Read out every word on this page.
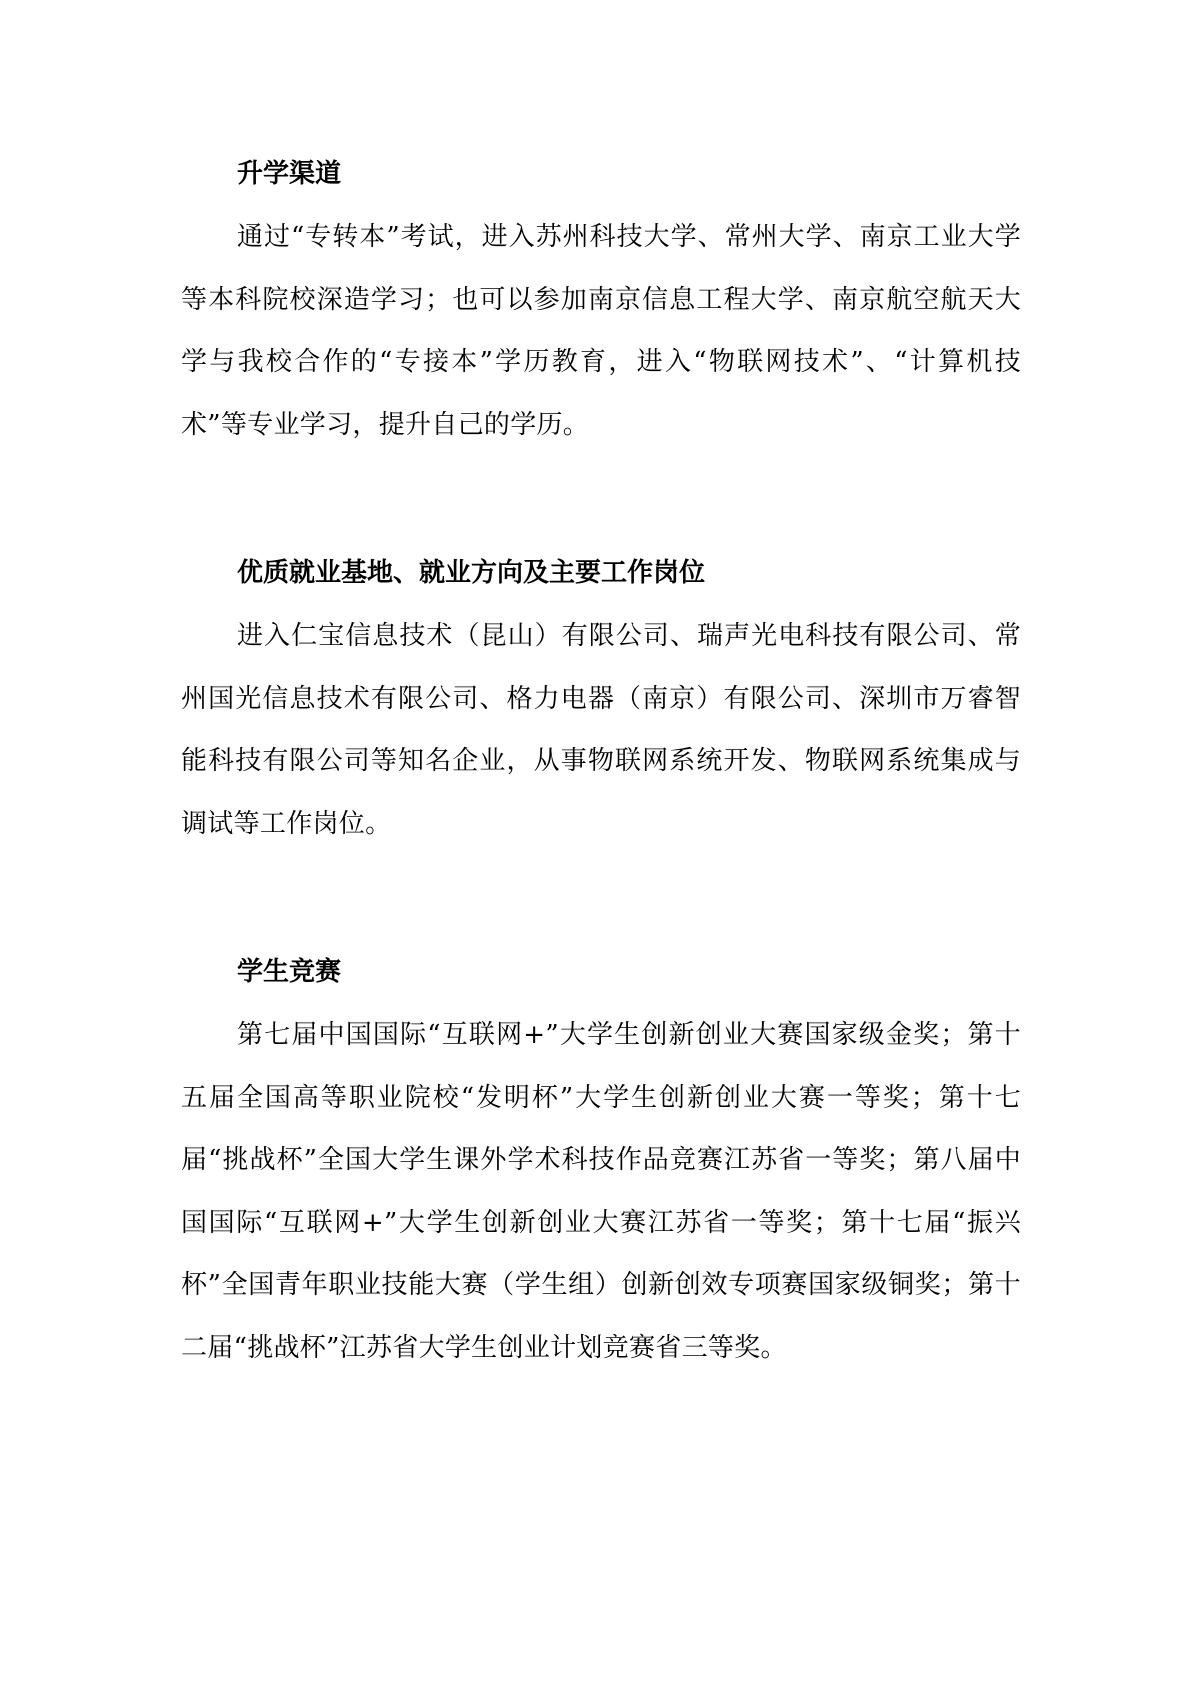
升学渠道

通过“专转本”考试，进入苏州科技大学、常州大学、南京工业大学等本科院校深造学习；也可以参加南京信息工程大学、南京航空航天大学与我校合作的“专接本”学历教育，进入“物联网技术”、“计算机技术”等专业学习，提升自己的学历。

优质就业基地、就业方向及主要工作岗位

进入仁宝信息技术（昆山）有限公司、瑞声光电科技有限公司、常州国光信息技术有限公司、格力电器（南京）有限公司、深圳市万睿智能科技有限公司等知名企业，从事物联网系统开发、物联网系统集成与调试等工作岗位。

学生竞赛

第七届中国国际“互联网+”大学生创新创业大赛国家级金奖；第十五届全国高等职业院校“发明杯”大学生创新创业大赛一等奖；第十七届“挑战杯”全国大学生课外学术科技作品竞赛江苏省一等奖；第八届中国国际“互联网+”大学生创新创业大赛江苏省一等奖；第十七届“振兴杯”全国青年职业技能大赛（学生组）创新创效专项赛国家级铜奖；第十二届“挑战杯”江苏省大学生创业计划竞赛省三等奖。
